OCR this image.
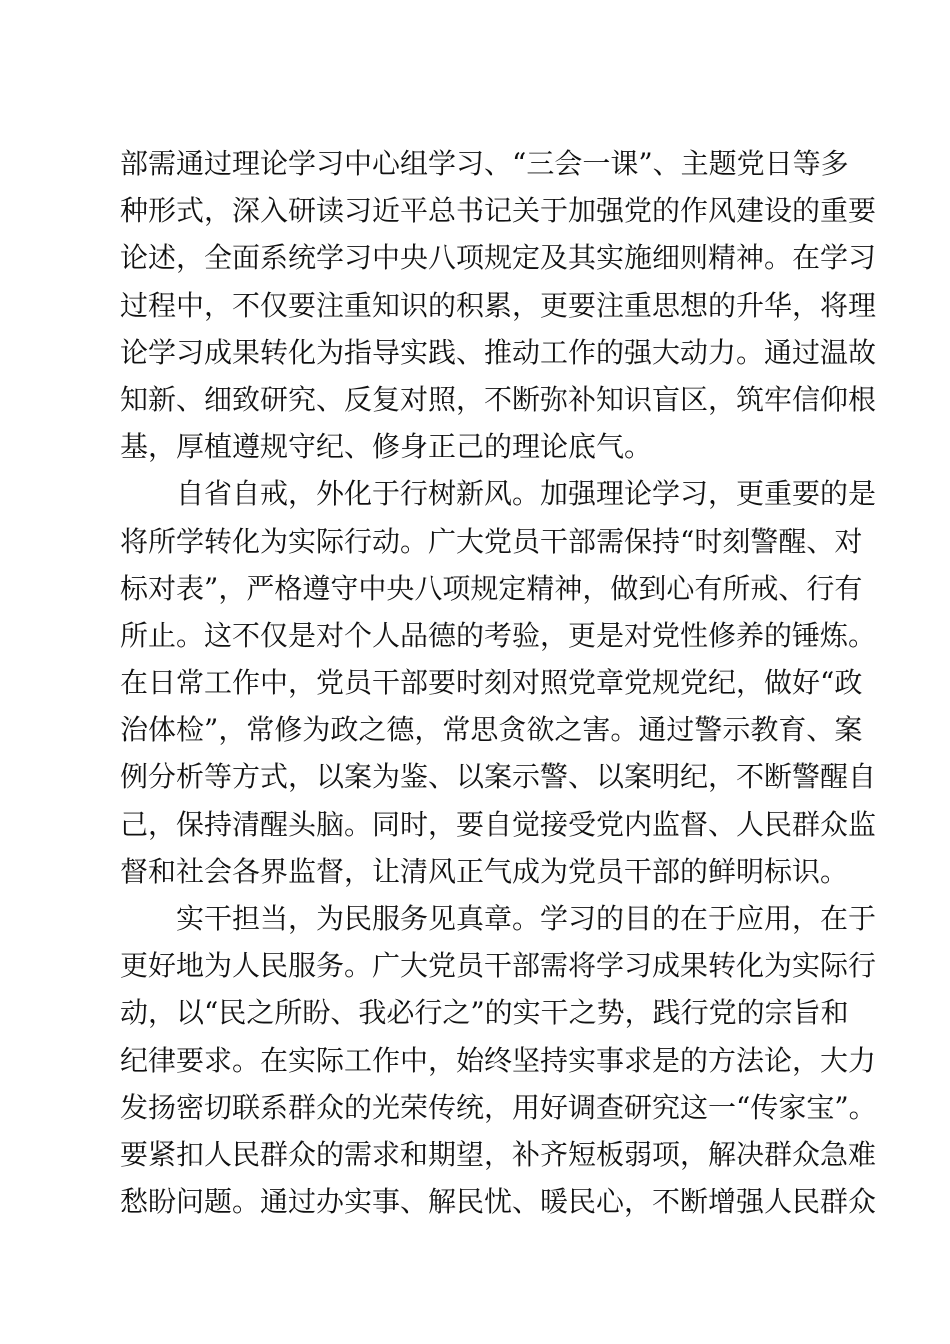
部需通过理论学习中心组学习、“三会一课”、主题党日等多
种形式，深入研读习近平总书记关于加强党的作风建设的重要
论述，全面系统学习中央八项规定及其实施细则精神。在学习
过程中，不仅要注重知识的积累，更要注重思想的升华，将理
论学习成果转化为指导实践、推动工作的强大动力。通过温故
知新、细致研究、反复对照，不断弥补知识盲区，筑牢信仰根
基，厚植遵规守纪、修身正己的理论底气。
自省自戒，外化于行树新风。加强理论学习，更重要的是
将所学转化为实际行动。广大党员干部需保持“时刻警醒、对
标对表”，严格遵守中央八项规定精神，做到心有所戒、行有
所止。这不仅是对个人品德的考验，更是对党性修养的锤炼。
在日常工作中，党员干部要时刻对照党章党规党纪，做好“政
治体检”，常修为政之德，常思贪欲之害。通过警示教育、案
例分析等方式，以案为鉴、以案示警、以案明纪，不断警醒自
己，保持清醒头脑。同时，要自觉接受党内监督、人民群众监
督和社会各界监督，让清风正气成为党员干部的鲜明标识。
实干担当，为民服务见真章。学习的目的在于应用，在于
更好地为人民服务。广大党员干部需将学习成果转化为实际行
动，以“民之所盼、我必行之”的实干之势，践行党的宗旨和
纪律要求。在实际工作中，始终坚持实事求是的方法论，大力
发扬密切联系群众的光荣传统，用好调查研究这一“传家宝”。
要紧扣人民群众的需求和期望，补齐短板弱项，解决群众急难
愁盼问题。通过办实事、解民忧、暖民心，不断增强人民群众
